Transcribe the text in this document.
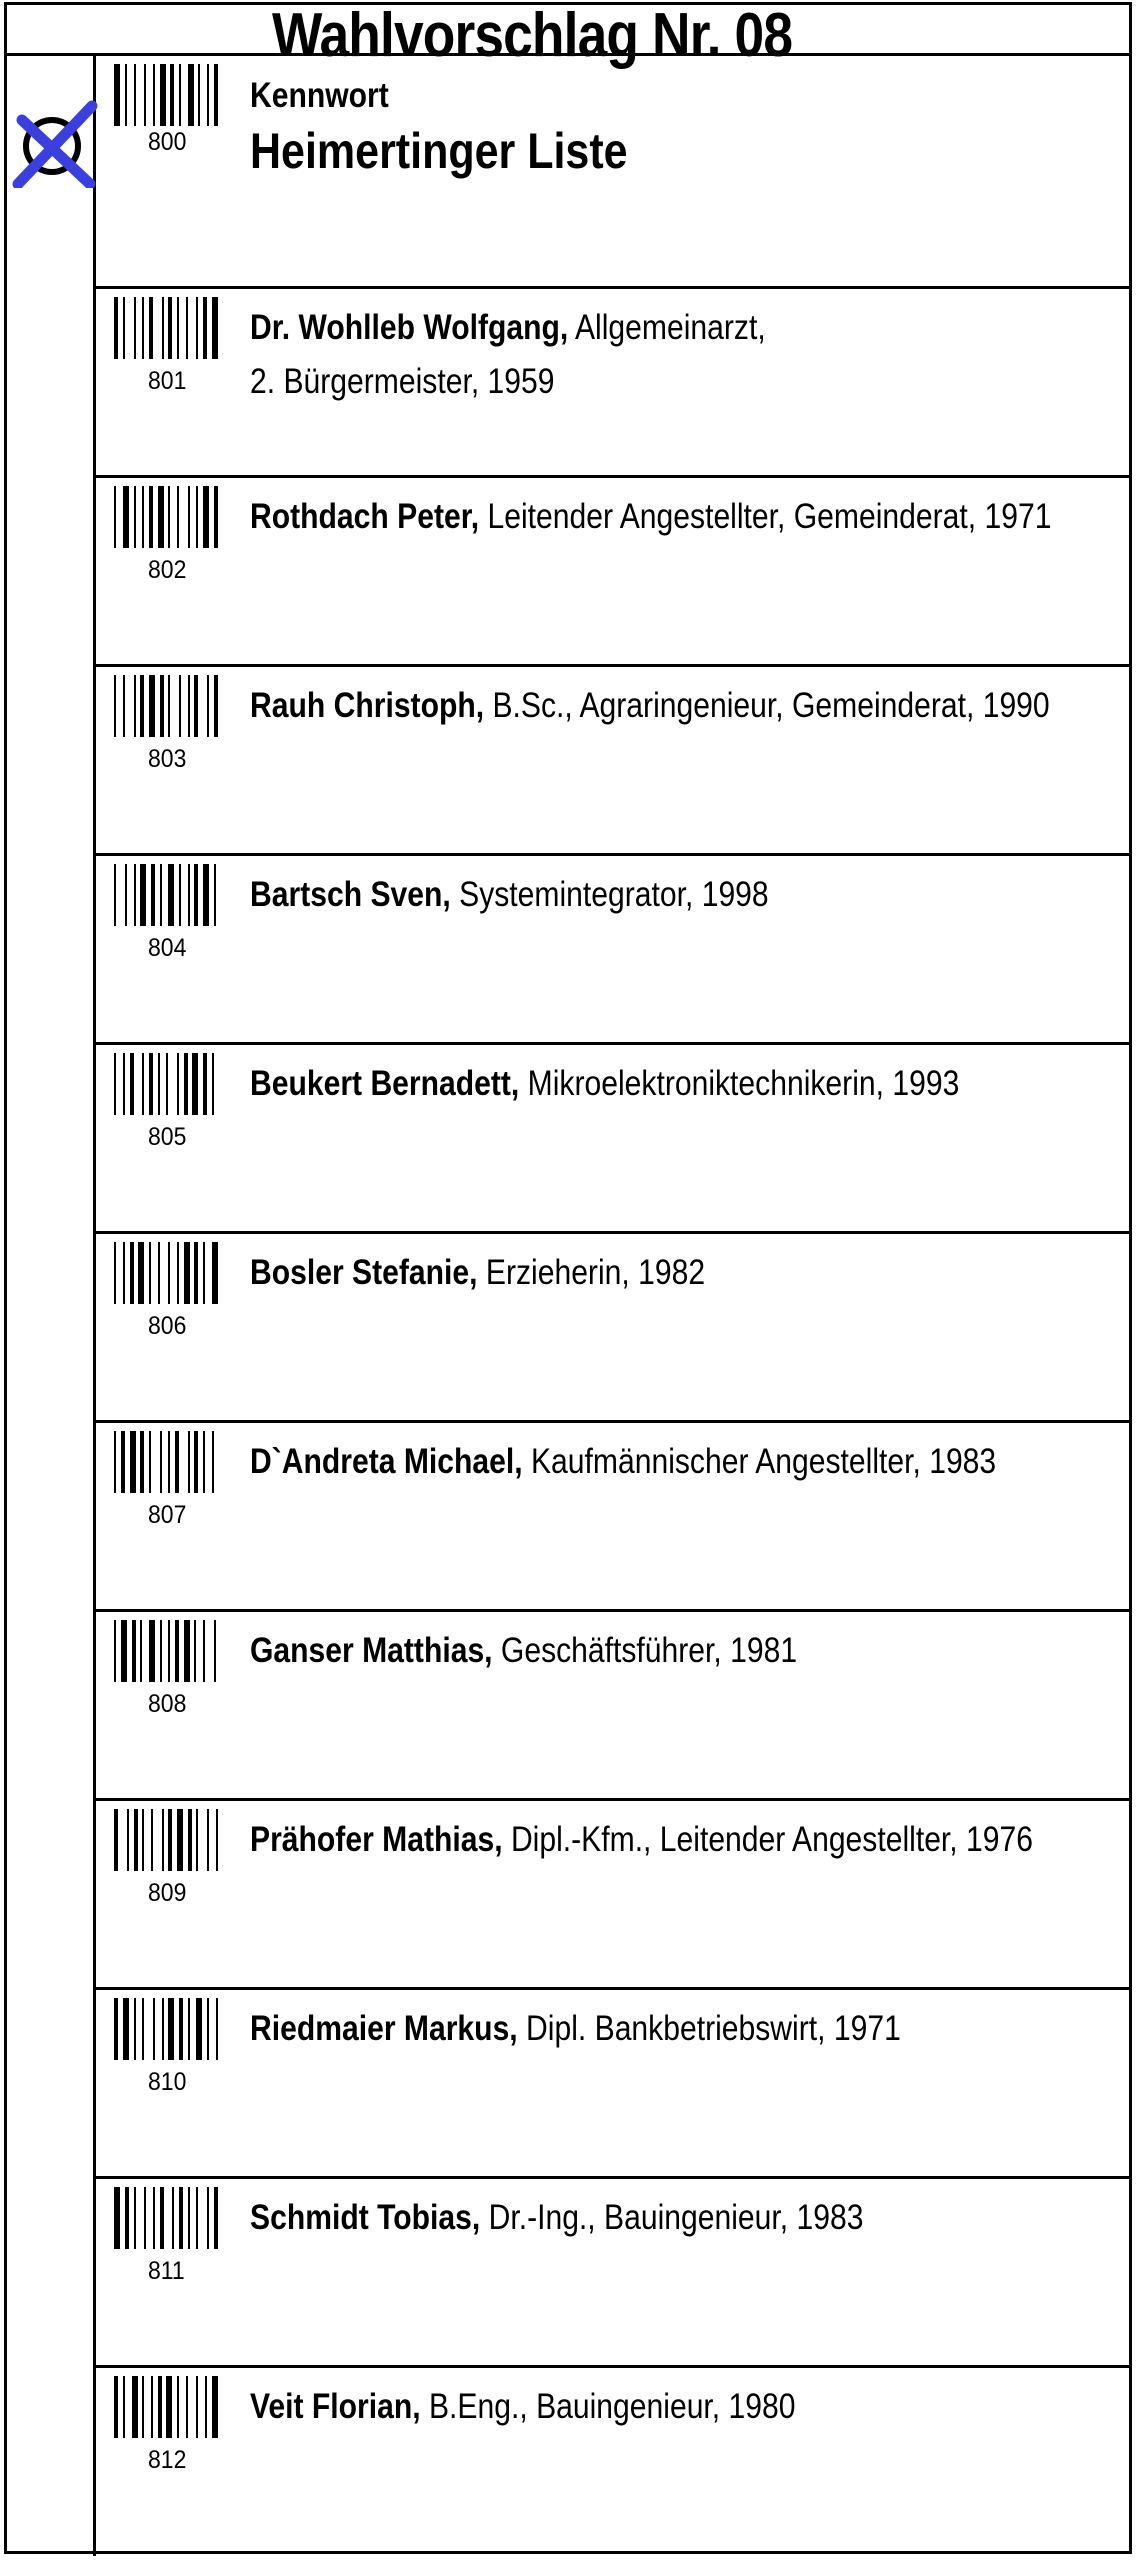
Wahlvorschlag Nr. 08
800
Kennwort
Heimertinger Liste
801
Dr. Wohlleb Wolfgang, Allgemeinarzt,
2. Bürgermeister, 1959
802
Rothdach Peter, Leitender Angestellter, Gemeinderat, 1971
803
Rauh Christoph, B.Sc., Agraringenieur, Gemeinderat, 1990
804
Bartsch Sven, Systemintegrator, 1998
805
Beukert Bernadett, Mikroelektroniktechnikerin, 1993
806
Bosler Stefanie, Erzieherin, 1982
807
D`Andreta Michael, Kaufmännischer Angestellter, 1983
808
Ganser Matthias, Geschäftsführer, 1981
809
Prähofer Mathias, Dipl.-Kfm., Leitender Angestellter, 1976
810
Riedmaier Markus, Dipl. Bankbetriebswirt, 1971
811
Schmidt Tobias, Dr.-Ing., Bauingenieur, 1983
812
Veit Florian, B.Eng., Bauingenieur, 1980
